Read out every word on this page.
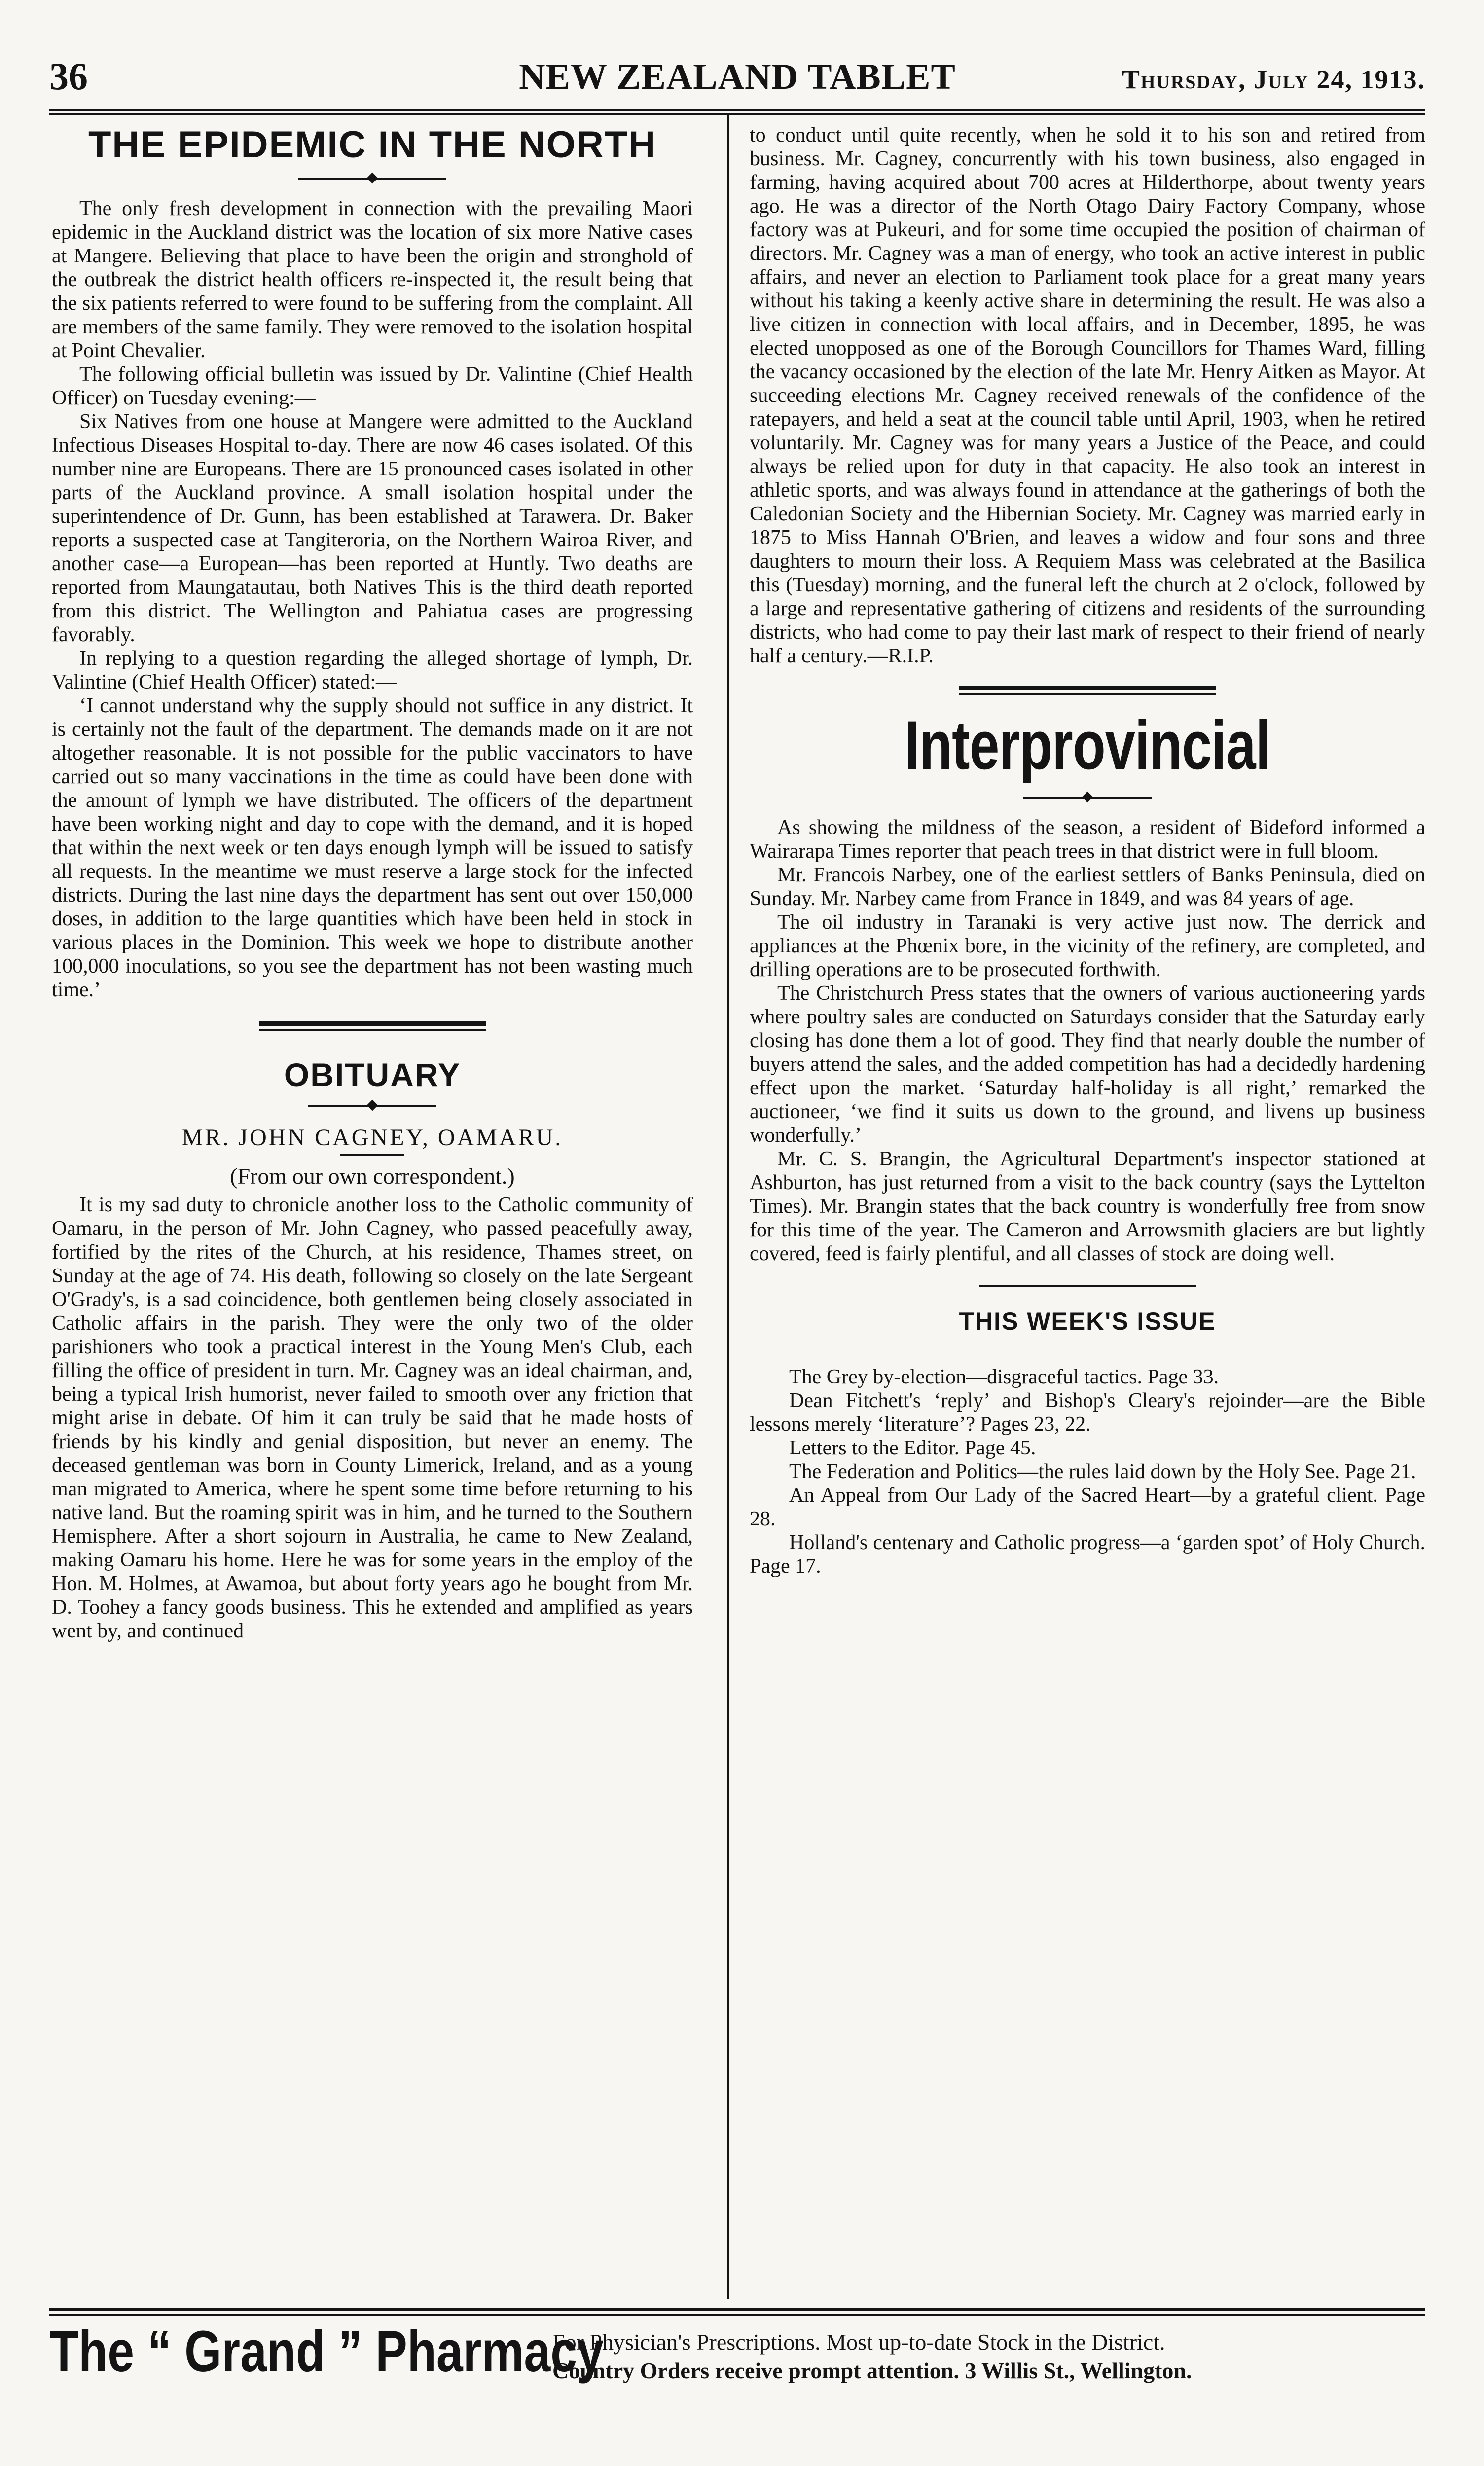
36	NEW ZEALAND TABLET	Thursday, July 24, 1913.
THE EPIDEMIC IN THE NORTH

The only fresh development in connection with the prevailing Maori epidemic in the Auckland district was the location of six more Native cases at Mangere. Believing that place to have been the origin and stronghold of the outbreak the district health officers re-inspected it, the result being that the six patients referred to were found to be suffering from the complaint. All are members of the same family. They were removed to the isolation hospital at Point Chevalier.

The following official bulletin was issued by Dr. Valintine (Chief Health Officer) on Tuesday evening:—

Six Natives from one house at Mangere were admitted to the Auckland Infectious Diseases Hospital to-day. There are now 46 cases isolated. Of this number nine are Europeans. There are 15 pronounced cases isolated in other parts of the Auckland province. A small isolation hospital under the superintendence of Dr. Gunn, has been established at Tarawera. Dr. Baker reports a suspected case at Tangiteroria, on the Northern Wairoa River, and another case—a European—has been reported at Huntly. Two deaths are reported from Maungatautau, both Natives This is the third death reported from this district. The Wellington and Pahiatua cases are progressing favorably.

In replying to a question regarding the alleged shortage of lymph, Dr. Valintine (Chief Health Officer) stated:—

‘I cannot understand why the supply should not suffice in any district. It is certainly not the fault of the department. The demands made on it are not altogether reasonable. It is not possible for the public vaccinators to have carried out so many vaccinations in the time as could have been done with the amount of lymph we have distributed. The officers of the department have been working night and day to cope with the demand, and it is hoped that within the next week or ten days enough lymph will be issued to satisfy all requests. In the meantime we must reserve a large stock for the infected districts. During the last nine days the department has sent out over 150,000 doses, in addition to the large quantities which have been held in stock in various places in the Dominion. This week we hope to distribute another 100,000 inoculations, so you see the department has not been wasting much time.’

OBITUARY
MR. JOHN CAGNEY, OAMARU.
(From our own correspondent.)

It is my sad duty to chronicle another loss to the Catholic community of Oamaru, in the person of Mr. John Cagney, who passed peacefully away, fortified by the rites of the Church, at his residence, Thames street, on Sunday at the age of 74. His death, following so closely on the late Sergeant O'Grady's, is a sad coincidence, both gentlemen being closely associated in Catholic affairs in the parish. They were the only two of the older parishioners who took a practical interest in the Young Men's Club, each filling the office of president in turn. Mr. Cagney was an ideal chairman, and, being a typical Irish humorist, never failed to smooth over any friction that might arise in debate. Of him it can truly be said that he made hosts of friends by his kindly and genial disposition, but never an enemy. The deceased gentleman was born in County Limerick, Ireland, and as a young man migrated to America, where he spent some time before returning to his native land. But the roaming spirit was in him, and he turned to the Southern Hemisphere. After a short sojourn in Australia, he came to New Zealand, making Oamaru his home. Here he was for some years in the employ of the Hon. M. Holmes, at Awamoa, but about forty years ago he bought from Mr. D. Toohey a fancy goods business. This he extended and amplified as years went by, and continued

to conduct until quite recently, when he sold it to his son and retired from business. Mr. Cagney, concurrently with his town business, also engaged in farming, having acquired about 700 acres at Hilderthorpe, about twenty years ago. He was a director of the North Otago Dairy Factory Company, whose factory was at Pukeuri, and for some time occupied the position of chairman of directors. Mr. Cagney was a man of energy, who took an active interest in public affairs, and never an election to Parliament took place for a great many years without his taking a keenly active share in determining the result. He was also a live citizen in connection with local affairs, and in December, 1895, he was elected unopposed as one of the Borough Councillors for Thames Ward, filling the vacancy occasioned by the election of the late Mr. Henry Aitken as Mayor. At succeeding elections Mr. Cagney received renewals of the confidence of the ratepayers, and held a seat at the council table until April, 1903, when he retired voluntarily. Mr. Cagney was for many years a Justice of the Peace, and could always be relied upon for duty in that capacity. He also took an interest in athletic sports, and was always found in attendance at the gatherings of both the Caledonian Society and the Hibernian Society. Mr. Cagney was married early in 1875 to Miss Hannah O'Brien, and leaves a widow and four sons and three daughters to mourn their loss. A Requiem Mass was celebrated at the Basilica this (Tuesday) morning, and the funeral left the church at 2 o'clock, followed by a large and representative gathering of citizens and residents of the surrounding districts, who had come to pay their last mark of respect to their friend of nearly half a century.—R.I.P.

Interprovincial

As showing the mildness of the season, a resident of Bideford informed a Wairarapa Times reporter that peach trees in that district were in full bloom.

Mr. Francois Narbey, one of the earliest settlers of Banks Peninsula, died on Sunday. Mr. Narbey came from France in 1849, and was 84 years of age.

The oil industry in Taranaki is very active just now. The derrick and appliances at the Phœnix bore, in the vicinity of the refinery, are completed, and drilling operations are to be prosecuted forthwith.

The Christchurch Press states that the owners of various auctioneering yards where poultry sales are conducted on Saturdays consider that the Saturday early closing has done them a lot of good. They find that nearly double the number of buyers attend the sales, and the added competition has had a decidedly hardening effect upon the market. ‘Saturday half-holiday is all right,’ remarked the auctioneer, ‘we find it suits us down to the ground, and livens up business wonderfully.’

Mr. C. S. Brangin, the Agricultural Department's inspector stationed at Ashburton, has just returned from a visit to the back country (says the Lyttelton Times). Mr. Brangin states that the back country is wonderfully free from snow for this time of the year. The Cameron and Arrowsmith glaciers are but lightly covered, feed is fairly plentiful, and all classes of stock are doing well.

THIS WEEK'S ISSUE

The Grey by-election—disgraceful tactics. Page 33.

Dean Fitchett's ‘reply’ and Bishop's Cleary's rejoinder—are the Bible lessons merely ‘literature’? Pages 23, 22.

Letters to the Editor. Page 45.

The Federation and Politics—the rules laid down by the Holy See. Page 21.

An Appeal from Our Lady of the Sacred Heart—by a grateful client. Page 28.

Holland's centenary and Catholic progress—a ‘garden spot’ of Holy Church. Page 17.

The “ Grand ” Pharmacy
For Physician's Prescriptions. Most up-to-date Stock in the District.
Country Orders receive prompt attention. 3 Willis St., Wellington.
